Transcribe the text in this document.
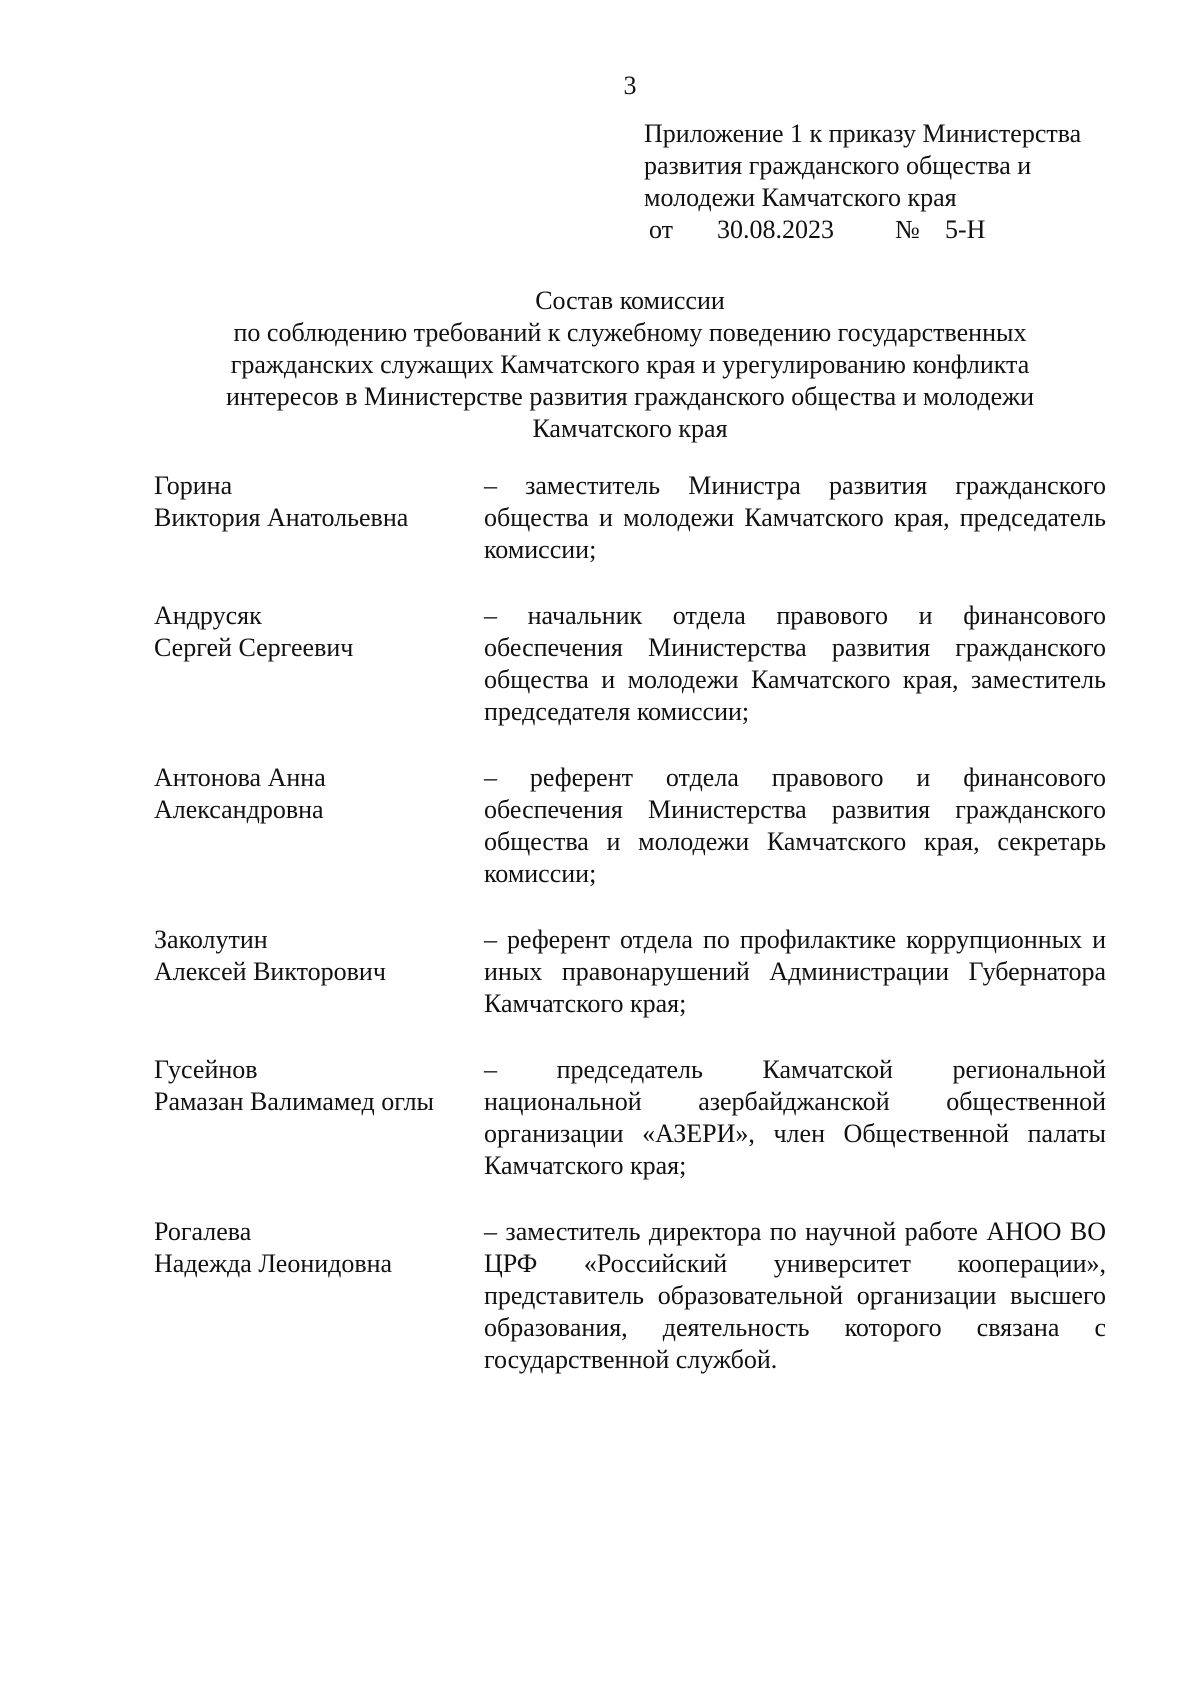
3

Приложение 1 к приказу Министерства
развития гражданского общества и
молодежи Камчатского края
от 30.08.2023 № 5-Н
Состав комиссии
по соблюдению требований к служебному поведению государственных
гражданских служащих Камчатского края и урегулированию конфликта
интересов в Министерстве развития гражданского общества и молодежи
Камчатского края
Горина
Виктория Анатольевна
– заместитель Министра развития гражданского общества и молодежи Камчатского края, председатель комиссии;
Андрусяк
Сергей Сергеевич
– начальник отдела правового и финансового обеспечения Министерства развития гражданского общества и молодежи Камчатского края, заместитель председателя комиссии;
Антонова Анна
Александровна
– референт отдела правового и финансового обеспечения Министерства развития гражданского общества и молодежи Камчатского края, секретарь комиссии;
Заколутин
Алексей Викторович
– референт отдела по профилактике коррупционных и иных правонарушений Администрации Губернатора Камчатского края;
Гусейнов
Рамазан Валимамед оглы
– председатель Камчатской региональной национальной азербайджанской общественной организации «АЗЕРИ», член Общественной палаты Камчатского края;
Рогалева
Надежда Леонидовна
– заместитель директора по научной работе АНОО ВО ЦРФ «Российский университет кооперации», представитель образовательной организации высшего образования, деятельность которого связана с государственной службой.
